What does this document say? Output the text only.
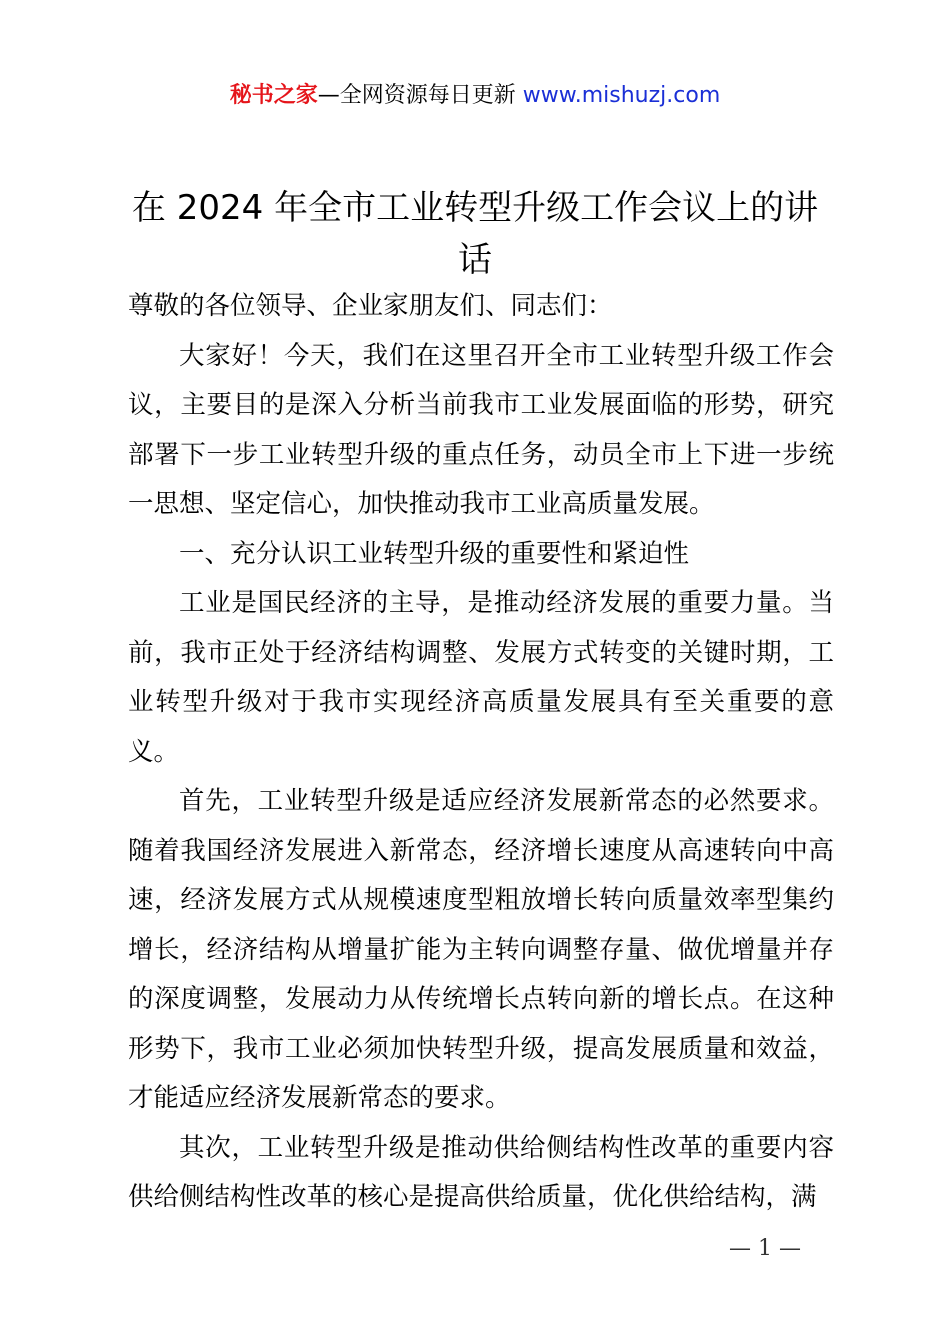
秘书之家—全网资源每日更新 www.mishuzj.com
在 2024 年全市工业转型升级工作会议上的讲话

尊敬的各位领导、企业家朋友们、同志们：

大家好！今天，我们在这里召开全市工业转型升级工作会议，主要目的是深入分析当前我市工业发展面临的形势，研究部署下一步工业转型升级的重点任务，动员全市上下进一步统一思想、坚定信心，加快推动我市工业高质量发展。

一、充分认识工业转型升级的重要性和紧迫性

工业是国民经济的主导，是推动经济发展的重要力量。当前，我市正处于经济结构调整、发展方式转变的关键时期，工业转型升级对于我市实现经济高质量发展具有至关重要的意义。

首先，工业转型升级是适应经济发展新常态的必然要求。随着我国经济发展进入新常态，经济增长速度从高速转向中高速，经济发展方式从规模速度型粗放增长转向质量效率型集约增长，经济结构从增量扩能为主转向调整存量、做优增量并存的深度调整，发展动力从传统增长点转向新的增长点。在这种形势下，我市工业必须加快转型升级，提高发展质量和效益，才能适应经济发展新常态的要求。

其次，工业转型升级是推动供给侧结构性改革的重要内容供给侧结构性改革的核心是提高供给质量，优化供给结构，满

— 1 —
